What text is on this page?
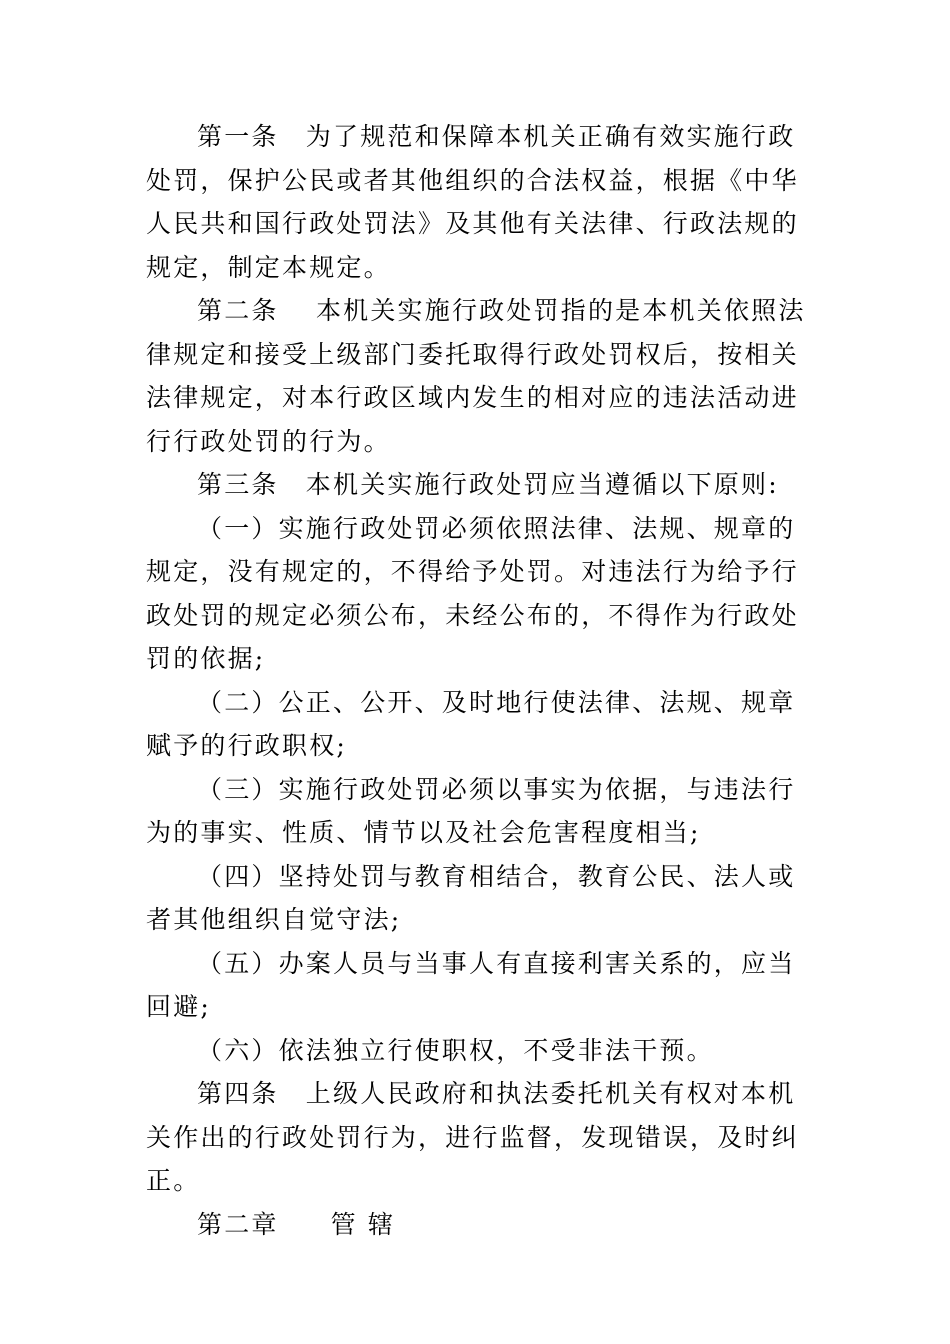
第一条　为了规范和保障本机关正确有效实施行政处罚，保护公民或者其他组织的合法权益，根据《中华人民共和国行政处罚法》及其他有关法律、行政法规的规定，制定本规定。

第二条　 本机关实施行政处罚指的是本机关依照法律规定和接受上级部门委托取得行政处罚权后，按相关法律规定，对本行政区域内发生的相对应的违法活动进行行政处罚的行为。

第三条　本机关实施行政处罚应当遵循以下原则:

（一）实施行政处罚必须依照法律、法规、规章的规定，没有规定的，不得给予处罚。对违法行为给予行政处罚的规定必须公布，未经公布的，不得作为行政处罚的依据;

（二）公正、公开、及时地行使法律、法规、规章赋予的行政职权;

（三）实施行政处罚必须以事实为依据，与违法行为的事实、性质、情节以及社会危害程度相当;

（四）坚持处罚与教育相结合，教育公民、法人或者其他组织自觉守法;

（五）办案人员与当事人有直接利害关系的，应当回避;

（六）依法独立行使职权，不受非法干预。

第四条　上级人民政府和执法委托机关有权对本机关作出的行政处罚行为，进行监督，发现错误，及时纠正。

第二章 管 辖
